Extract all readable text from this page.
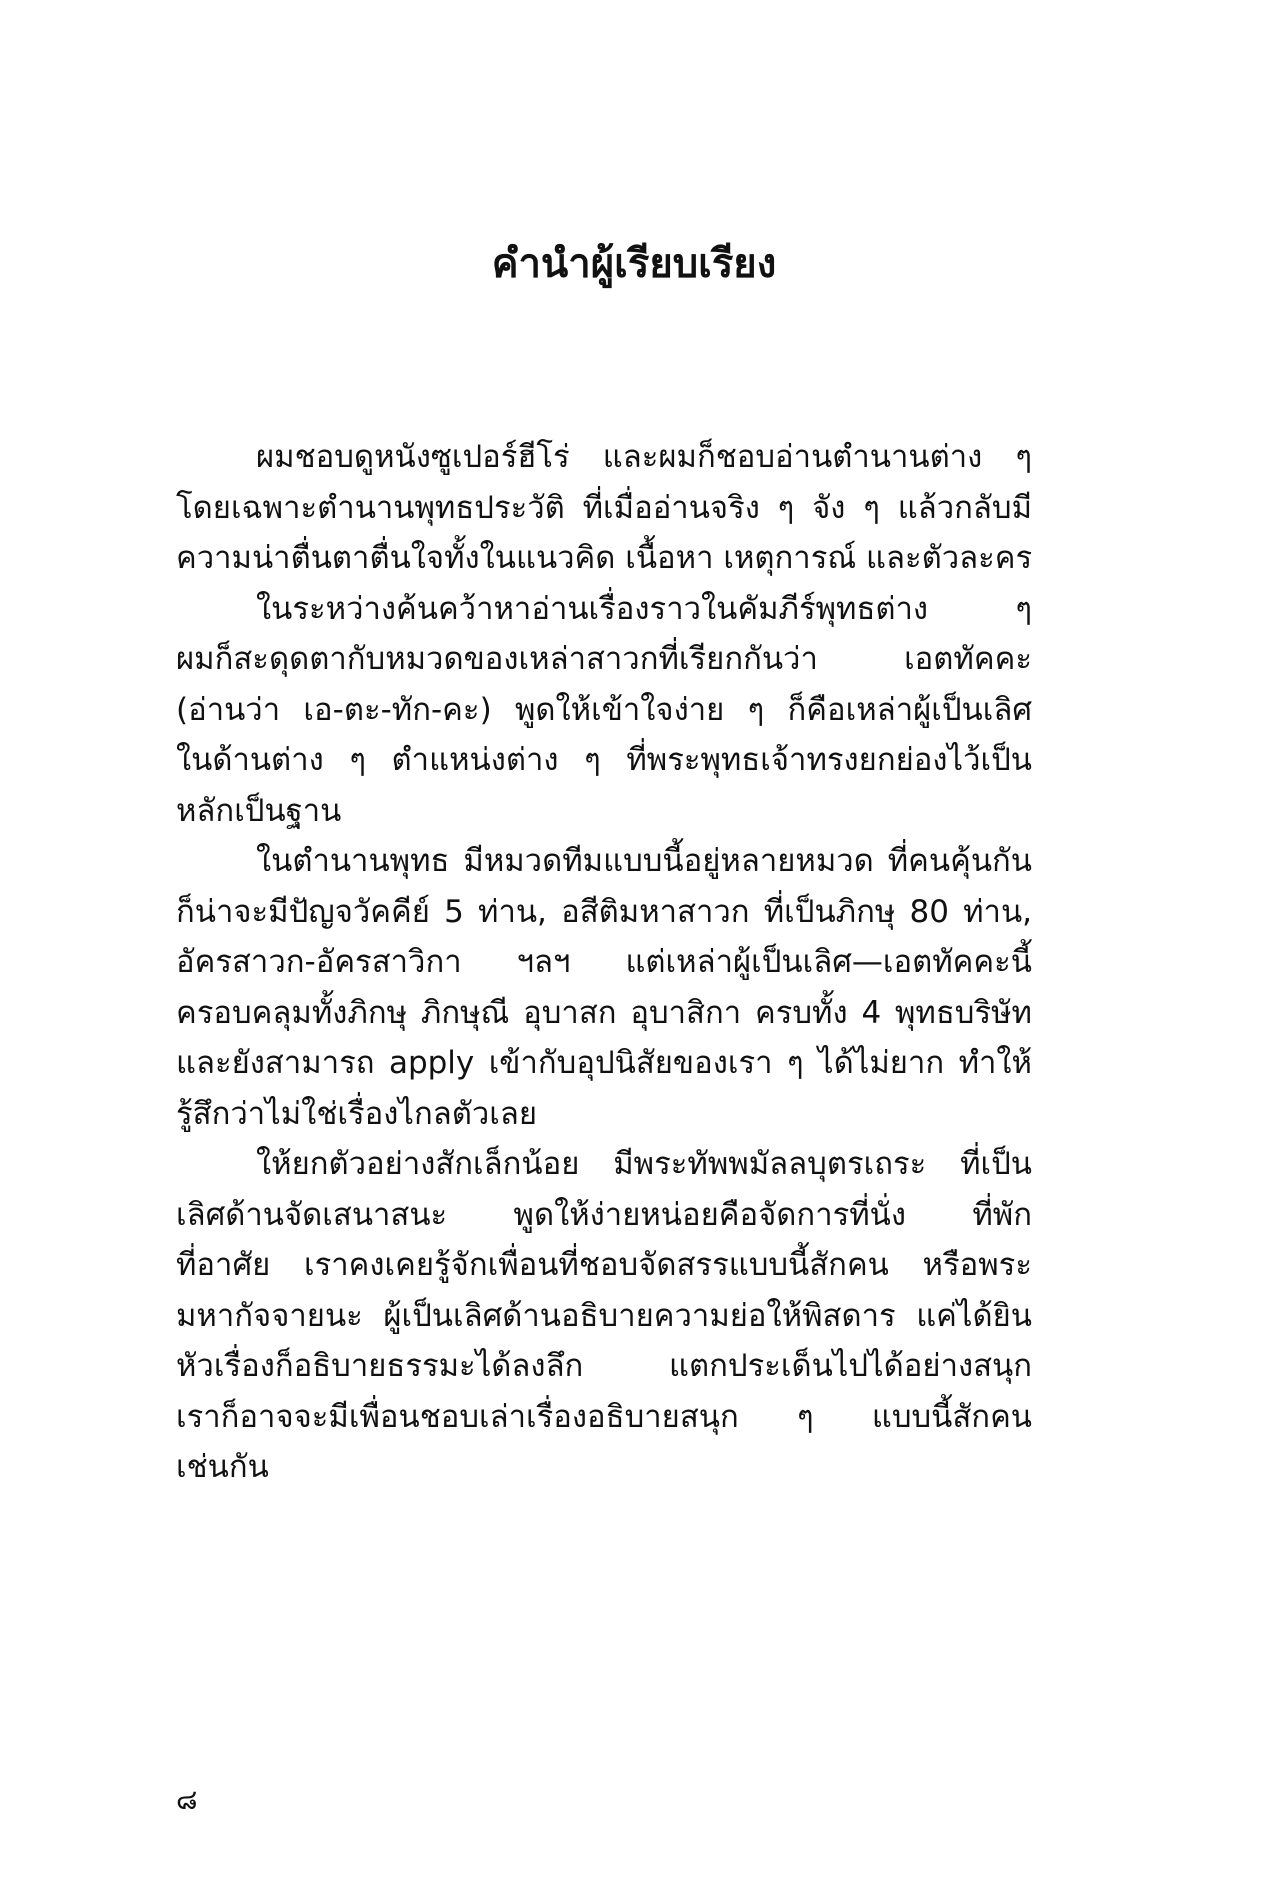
คำนำผู้เรียบเรียง

ผมชอบดูหนังซูเปอร์ฮีโร่ และผมก็ชอบอ่านตำนานต่าง ๆ
โดยเฉพาะตำนานพุทธประวัติ ที่เมื่ออ่านจริง ๆ จัง ๆ แล้วกลับมี
ความน่าตื่นตาตื่นใจทั้งในแนวคิด เนื้อหา เหตุการณ์ และตัวละคร

ในระหว่างค้นคว้าหาอ่านเรื่องราวในคัมภีร์พุทธต่าง ๆ
ผมก็สะดุดตากับหมวดของเหล่าสาวกที่เรียกกันว่า เอตทัคคะ
(อ่านว่า เอ-ตะ-ทัก-คะ) พูดให้เข้าใจง่าย ๆ ก็คือเหล่าผู้เป็นเลิศ
ในด้านต่าง ๆ ตำแหน่งต่าง ๆ ที่พระพุทธเจ้าทรงยกย่องไว้เป็น
หลักเป็นฐาน

ในตำนานพุทธ มีหมวดทีมแบบนี้อยู่หลายหมวด ที่คนคุ้นกัน
ก็น่าจะมีปัญจวัคคีย์ 5 ท่าน, อสีติมหาสาวก ที่เป็นภิกษุ 80 ท่าน,
อัครสาวก-อัครสาวิกา ฯลฯ แต่เหล่าผู้เป็นเลิศ—เอตทัคคะนี้
ครอบคลุมทั้งภิกษุ ภิกษุณี อุบาสก อุบาสิกา ครบทั้ง 4 พุทธบริษัท
และยังสามารถ apply เข้ากับอุปนิสัยของเรา ๆ ได้ไม่ยาก ทำให้
รู้สึกว่าไม่ใช่เรื่องไกลตัวเลย

ให้ยกตัวอย่างสักเล็กน้อย มีพระทัพพมัลลบุตรเถระ ที่เป็น
เลิศด้านจัดเสนาสนะ พูดให้ง่ายหน่อยคือจัดการที่นั่ง ที่พัก
ที่อาศัย เราคงเคยรู้จักเพื่อนที่ชอบจัดสรรแบบนี้สักคน หรือพระ
มหากัจจายนะ ผู้เป็นเลิศด้านอธิบายความย่อให้พิสดาร แค่ได้ยิน
หัวเรื่องก็อธิบายธรรมะได้ลงลึก แตกประเด็นไปได้อย่างสนุก
เราก็อาจจะมีเพื่อนชอบเล่าเรื่องอธิบายสนุก ๆ แบบนี้สักคน
เช่นกัน

๘
